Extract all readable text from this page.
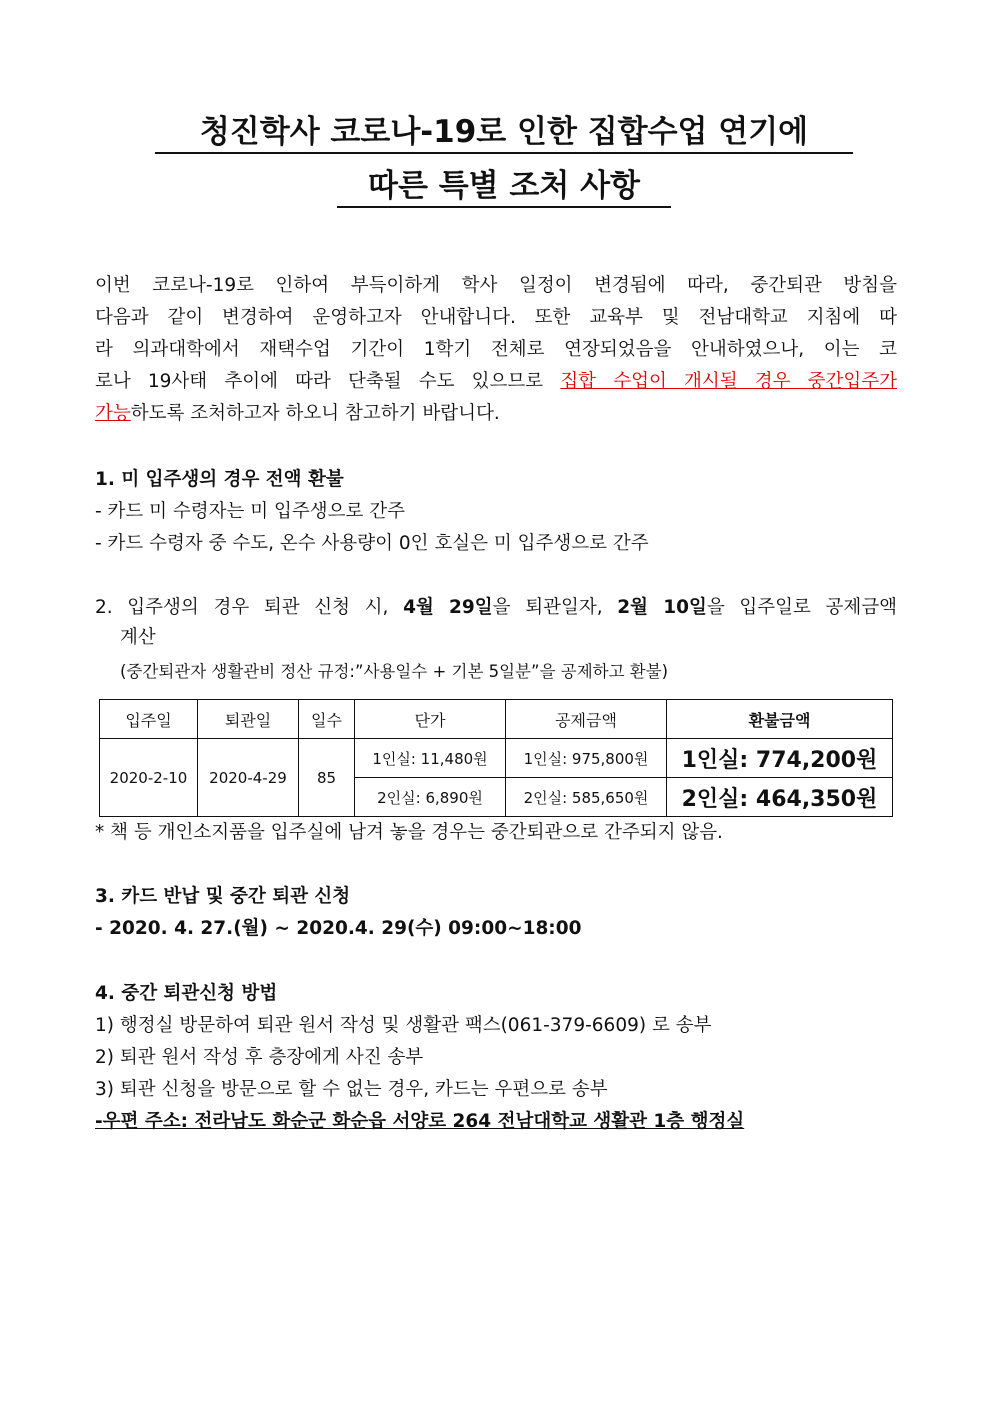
청진학사 코로나-19로 인한 집합수업 연기에
따른 특별 조처 사항

이번 코로나-19로 인하여 부득이하게 학사 일정이 변경됨에 따라, 중간퇴관 방침을

다음과 같이 변경하여 운영하고자 안내합니다. 또한 교육부 및 전남대학교 지침에 따

라 의과대학에서 재택수업 기간이 1학기 전체로 연장되었음을 안내하였으나, 이는 코

로나 19사태 추이에 따라 단축될 수도 있으므로 집합 수업이 개시될 경우 중간입주가

가능하도록 조처하고자 하오니 참고하기 바랍니다.

1. 미 입주생의 경우 전액 환불

- 카드 미 수령자는 미 입주생으로 간주

- 카드 수령자 중 수도, 온수 사용량이 0인 호실은 미 입주생으로 간주

2. 입주생의 경우 퇴관 신청 시, 4월 29일을 퇴관일자, 2월 10일을 입주일로 공제금액

계산

(중간퇴관자 생활관비 정산 규정:”사용일수 + 기본 5일분”을 공제하고 환불)

입주일	퇴관일	일수	단가	공제금액	환불금액
2020-2-10	2020-4-29	85	1인실: 11,480원	1인실: 975,800원	1인실: 774,200원
			2인실: 6,890원	2인실: 585,650원	2인실: 464,350원

* 책 등 개인소지품을 입주실에 남겨 놓을 경우는 중간퇴관으로 간주되지 않음.

3. 카드 반납 및 중간 퇴관 신청

- 2020. 4. 27.(월) ~ 2020.4. 29(수) 09:00~18:00

4. 중간 퇴관신청 방법

1) 행정실 방문하여 퇴관 원서 작성 및 생활관 팩스(061-379-6609) 로 송부

2) 퇴관 원서 작성 후 층장에게 사진 송부

3) 퇴관 신청을 방문으로 할 수 없는 경우, 카드는 우편으로 송부

-우편 주소: 전라남도 화순군 화순읍 서양로 264 전남대학교 생활관 1층 행정실
